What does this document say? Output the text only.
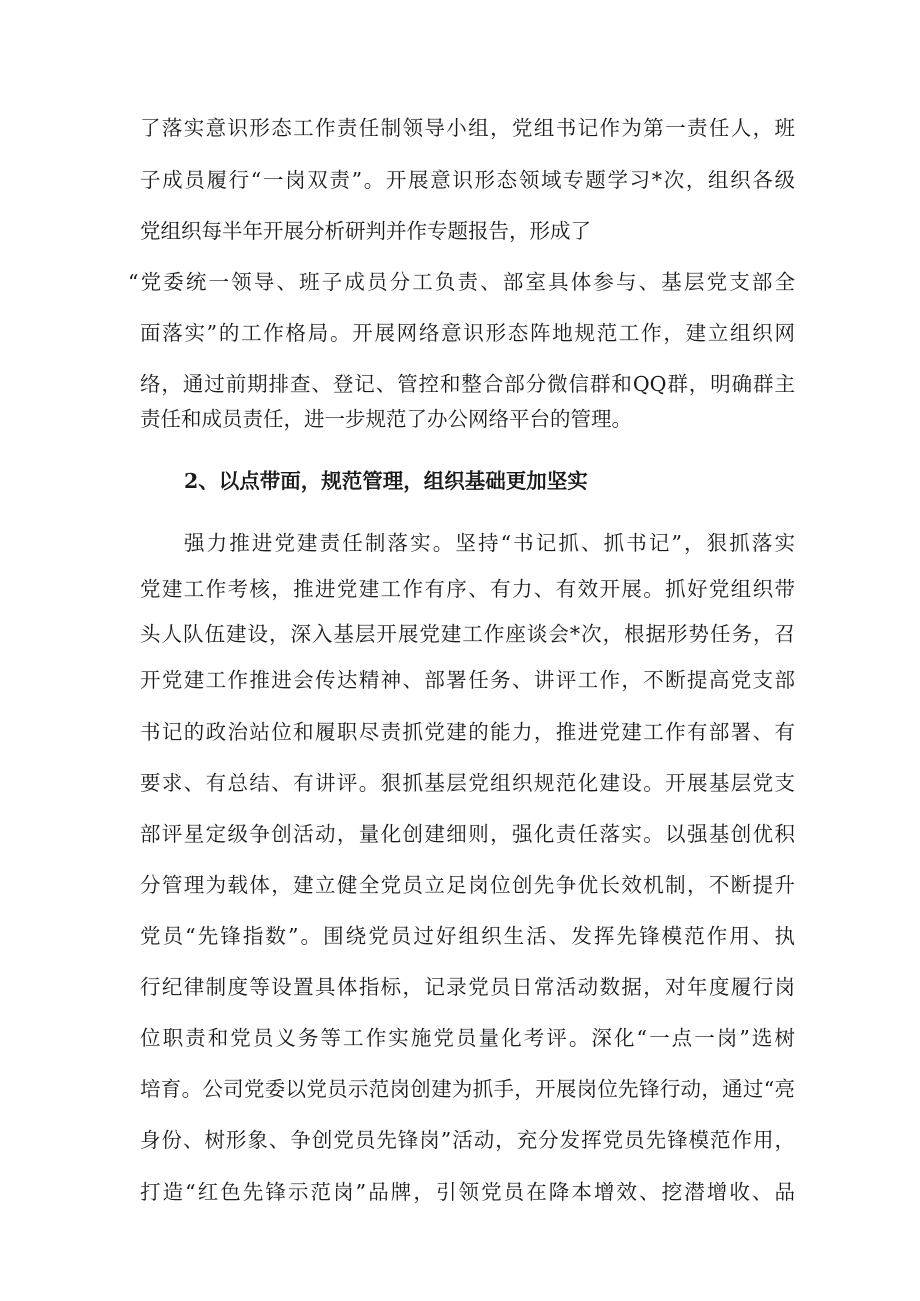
了落实意识形态工作责任制领导小组，党组书记作为第一责任人，班
子成员履行“一岗双责”。开展意识形态领域专题学习*次，组织各级
党组织每半年开展分析研判并作专题报告，形成了
“党委统一领导、班子成员分工负责、部室具体参与、基层党支部全
面落实”的工作格局。开展网络意识形态阵地规范工作，建立组织网
络，通过前期排查、登记、管控和整合部分微信群和QQ群，明确群主
责任和成员责任，进一步规范了办公网络平台的管理。
2、以点带面，规范管理，组织基础更加坚实
强力推进党建责任制落实。坚持“书记抓、抓书记”，狠抓落实
党建工作考核，推进党建工作有序、有力、有效开展。抓好党组织带
头人队伍建设，深入基层开展党建工作座谈会*次，根据形势任务，召
开党建工作推进会传达精神、部署任务、讲评工作，不断提高党支部
书记的政治站位和履职尽责抓党建的能力，推进党建工作有部署、有
要求、有总结、有讲评。狠抓基层党组织规范化建设。开展基层党支
部评星定级争创活动，量化创建细则，强化责任落实。以强基创优积
分管理为载体，建立健全党员立足岗位创先争优长效机制，不断提升
党员“先锋指数”。围绕党员过好组织生活、发挥先锋模范作用、执
行纪律制度等设置具体指标，记录党员日常活动数据，对年度履行岗
位职责和党员义务等工作实施党员量化考评。深化“一点一岗”选树
培育。公司党委以党员示范岗创建为抓手，开展岗位先锋行动，通过“亮
身份、树形象、争创党员先锋岗”活动，充分发挥党员先锋模范作用，
打造“红色先锋示范岗”品牌，引领党员在降本增效、挖潜增收、品
